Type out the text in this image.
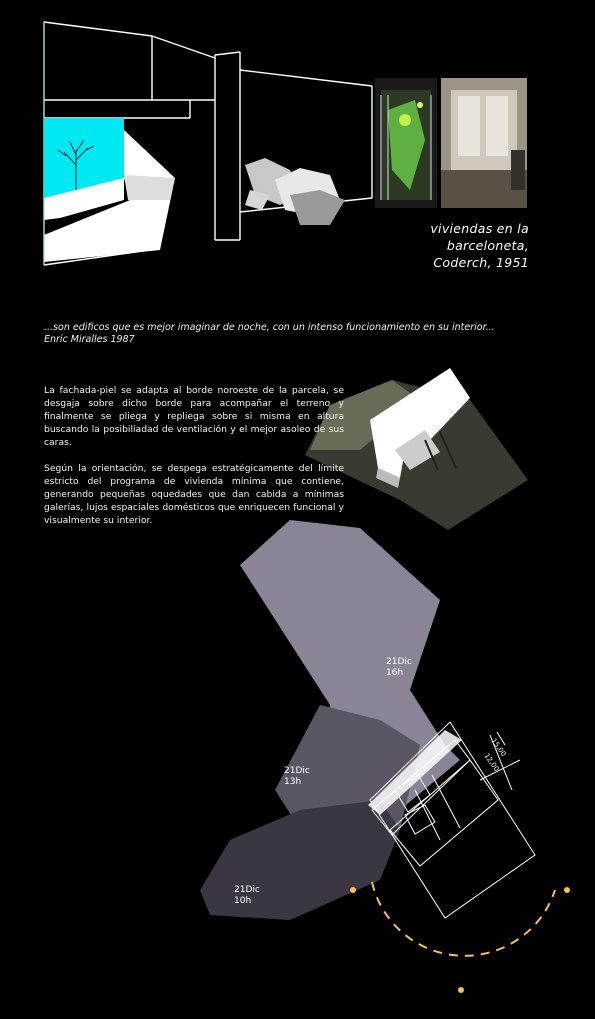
viviendas en la
barceloneta,
Coderch, 1951
...son edificos que es mejor imaginar de noche, con un intenso funcionamiento en su interior...
Enric Miralles 1987
15,00
12,00
La fachada-piel se adapta al borde noroeste de la parcela, se desgaja sobre dicho borde para acompañar el terreno y finalmente se pliega y repliega sobre si misma en altura buscando la posibiliadad de ventilación y el mejor asoleo de sus caras.
Según la orientación, se despega estratégicamente del límite estricto del programa de vivienda mínima que contiene, generando pequeñas oquedades que dan cabida a mínimas galerías, lujos espaciales domésticos que enriquecen funcional y visualmente su interior.
21Dic
16h
21Dic
13h
21Dic
10h
